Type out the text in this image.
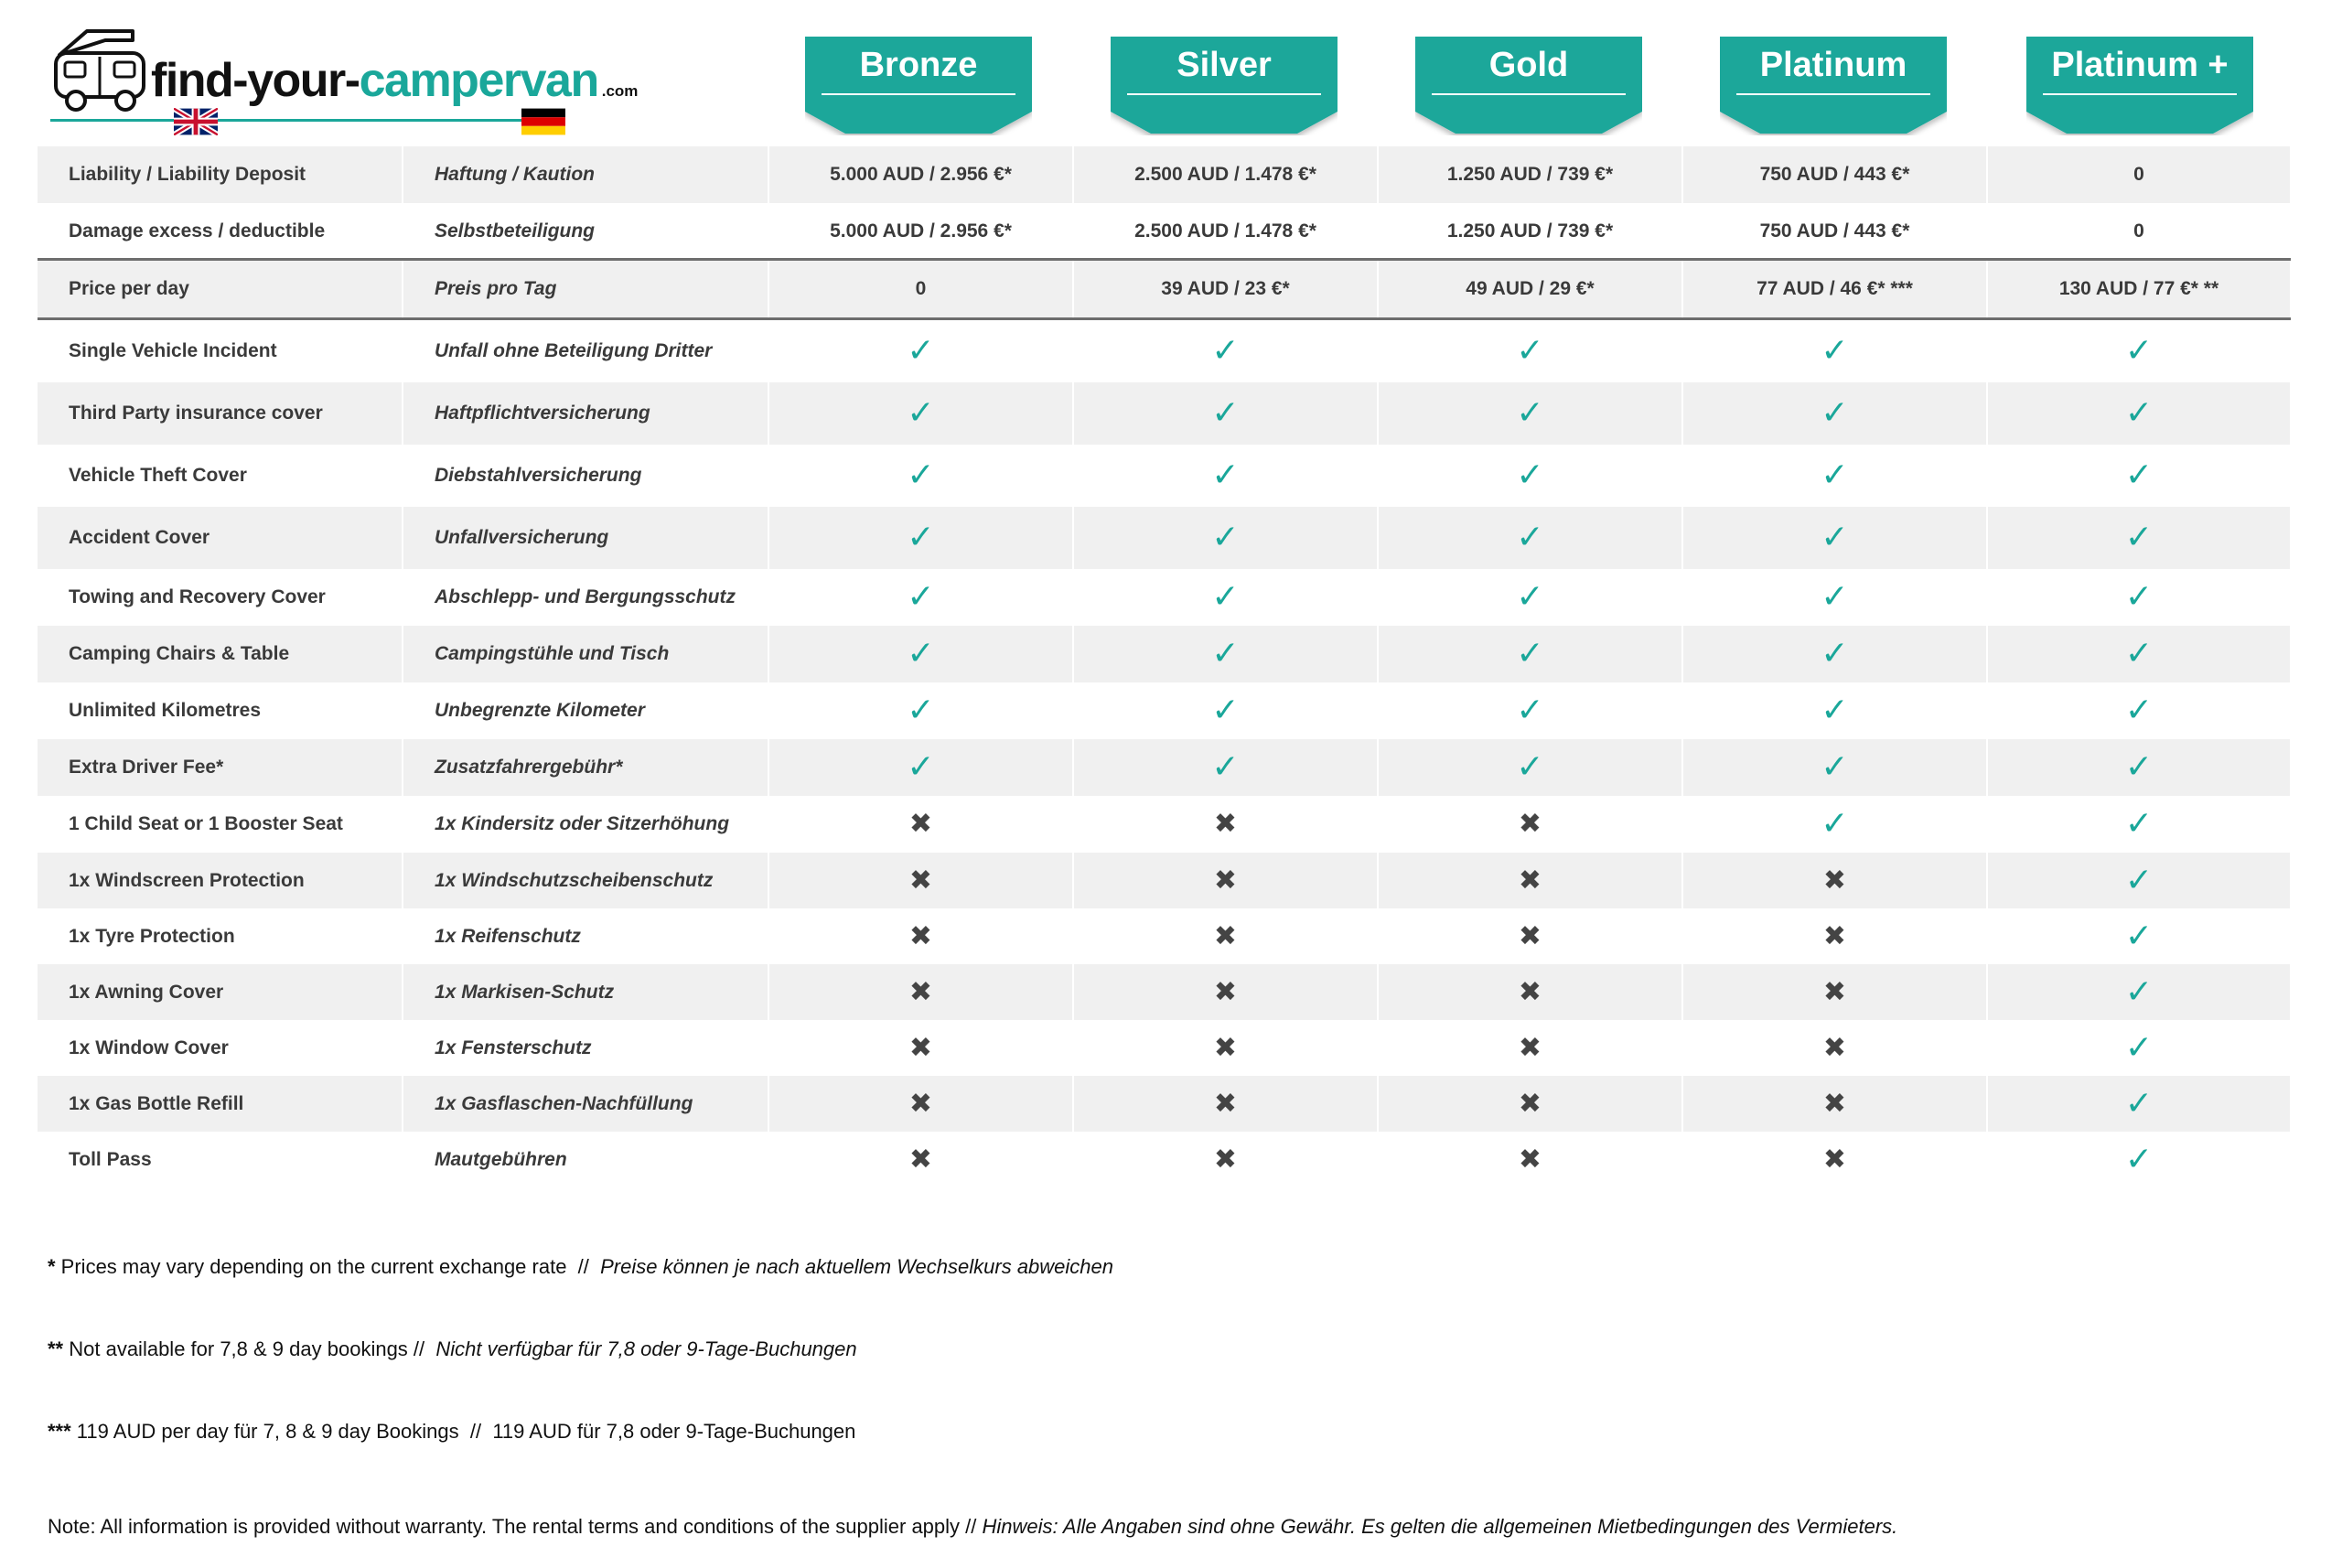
find-your-campervan .com
Bronze	Silver	Gold	Platinum	Platinum +
Liability / Liability Deposit	Haftung / Kaution	5.000 AUD / 2.956 €*	2.500 AUD / 1.478 €*	1.250 AUD / 739 €*	750 AUD / 443 €*	0
Damage excess / deductible	Selbstbeteiligung	5.000 AUD / 2.956 €*	2.500 AUD / 1.478 €*	1.250 AUD / 739 €*	750 AUD / 443 €*	0
Price per day	Preis pro Tag	0	39 AUD / 23 €*	49 AUD / 29 €*	77 AUD / 46 €* ***	130 AUD / 77 €* **
Single Vehicle Incident	Unfall ohne Beteiligung Dritter	✓	✓	✓	✓	✓
Third Party insurance cover	Haftpflichtversicherung	✓	✓	✓	✓	✓
Vehicle Theft Cover	Diebstahlversicherung	✓	✓	✓	✓	✓
Accident Cover	Unfallversicherung	✓	✓	✓	✓	✓
Towing and Recovery Cover	Abschlepp- und Bergungsschutz	✓	✓	✓	✓	✓
Camping Chairs & Table	Campingstühle und Tisch	✓	✓	✓	✓	✓
Unlimited Kilometres	Unbegrenzte Kilometer	✓	✓	✓	✓	✓
Extra Driver Fee*	Zusatzfahrergebühr*	✓	✓	✓	✓	✓
1 Child Seat or 1 Booster Seat	1x Kindersitz oder Sitzerhöhung	✖	✖	✖	✓	✓
1x Windscreen Protection	1x Windschutzscheibenschutz	✖	✖	✖	✖	✓
1x Tyre Protection	1x Reifenschutz	✖	✖	✖	✖	✓
1x Awning Cover	1x Markisen-Schutz	✖	✖	✖	✖	✓
1x Window Cover	1x Fensterschutz	✖	✖	✖	✖	✓
1x Gas Bottle Refill	1x Gasflaschen-Nachfüllung	✖	✖	✖	✖	✓
Toll Pass	Mautgebühren	✖	✖	✖	✖	✓

* Prices may vary depending on the current exchange rate  //  Preise können je nach aktuellem Wechselkurs abweichen

** Not available for 7,8 & 9 day bookings //  Nicht verfügbar für 7,8 oder 9-Tage-Buchungen

*** 119 AUD per day für 7, 8 & 9 day Bookings  //  119 AUD für 7,8 oder 9-Tage-Buchungen

Note: All information is provided without warranty. The rental terms and conditions of the supplier apply // Hinweis: Alle Angaben sind ohne Gewähr. Es gelten die allgemeinen Mietbedingungen des Vermieters.
